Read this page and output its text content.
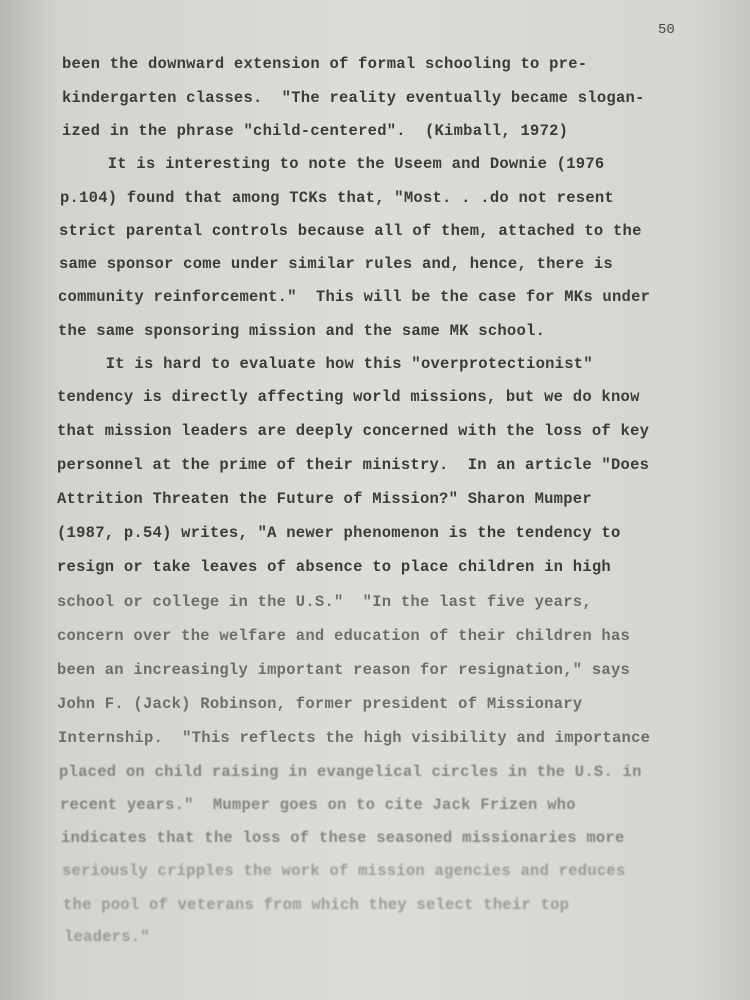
50
been the downward extension of formal schooling to pre-
kindergarten classes.  "The reality eventually became slogan-
ized in the phrase "child-centered".  (Kimball, 1972)
It is interesting to note the Useem and Downie (1976
p.104) found that among TCKs that, "Most. . .do not resent
strict parental controls because all of them, attached to the
same sponsor come under similar rules and, hence, there is
community reinforcement."  This will be the case for MKs under
the same sponsoring mission and the same MK school.
It is hard to evaluate how this "overprotectionist"
tendency is directly affecting world missions, but we do know
that mission leaders are deeply concerned with the loss of key
personnel at the prime of their ministry.  In an article "Does
Attrition Threaten the Future of Mission?" Sharon Mumper
(1987, p.54) writes, "A newer phenomenon is the tendency to
resign or take leaves of absence to place children in high
school or college in the U.S."  "In the last five years,
concern over the welfare and education of their children has
been an increasingly important reason for resignation," says
John F. (Jack) Robinson, former president of Missionary
Internship.  "This reflects the high visibility and importance
placed on child raising in evangelical circles in the U.S. in
recent years."  Mumper goes on to cite Jack Frizen who
indicates that the loss of these seasoned missionaries more
seriously cripples the work of mission agencies and reduces
the pool of veterans from which they select their top
leaders."
